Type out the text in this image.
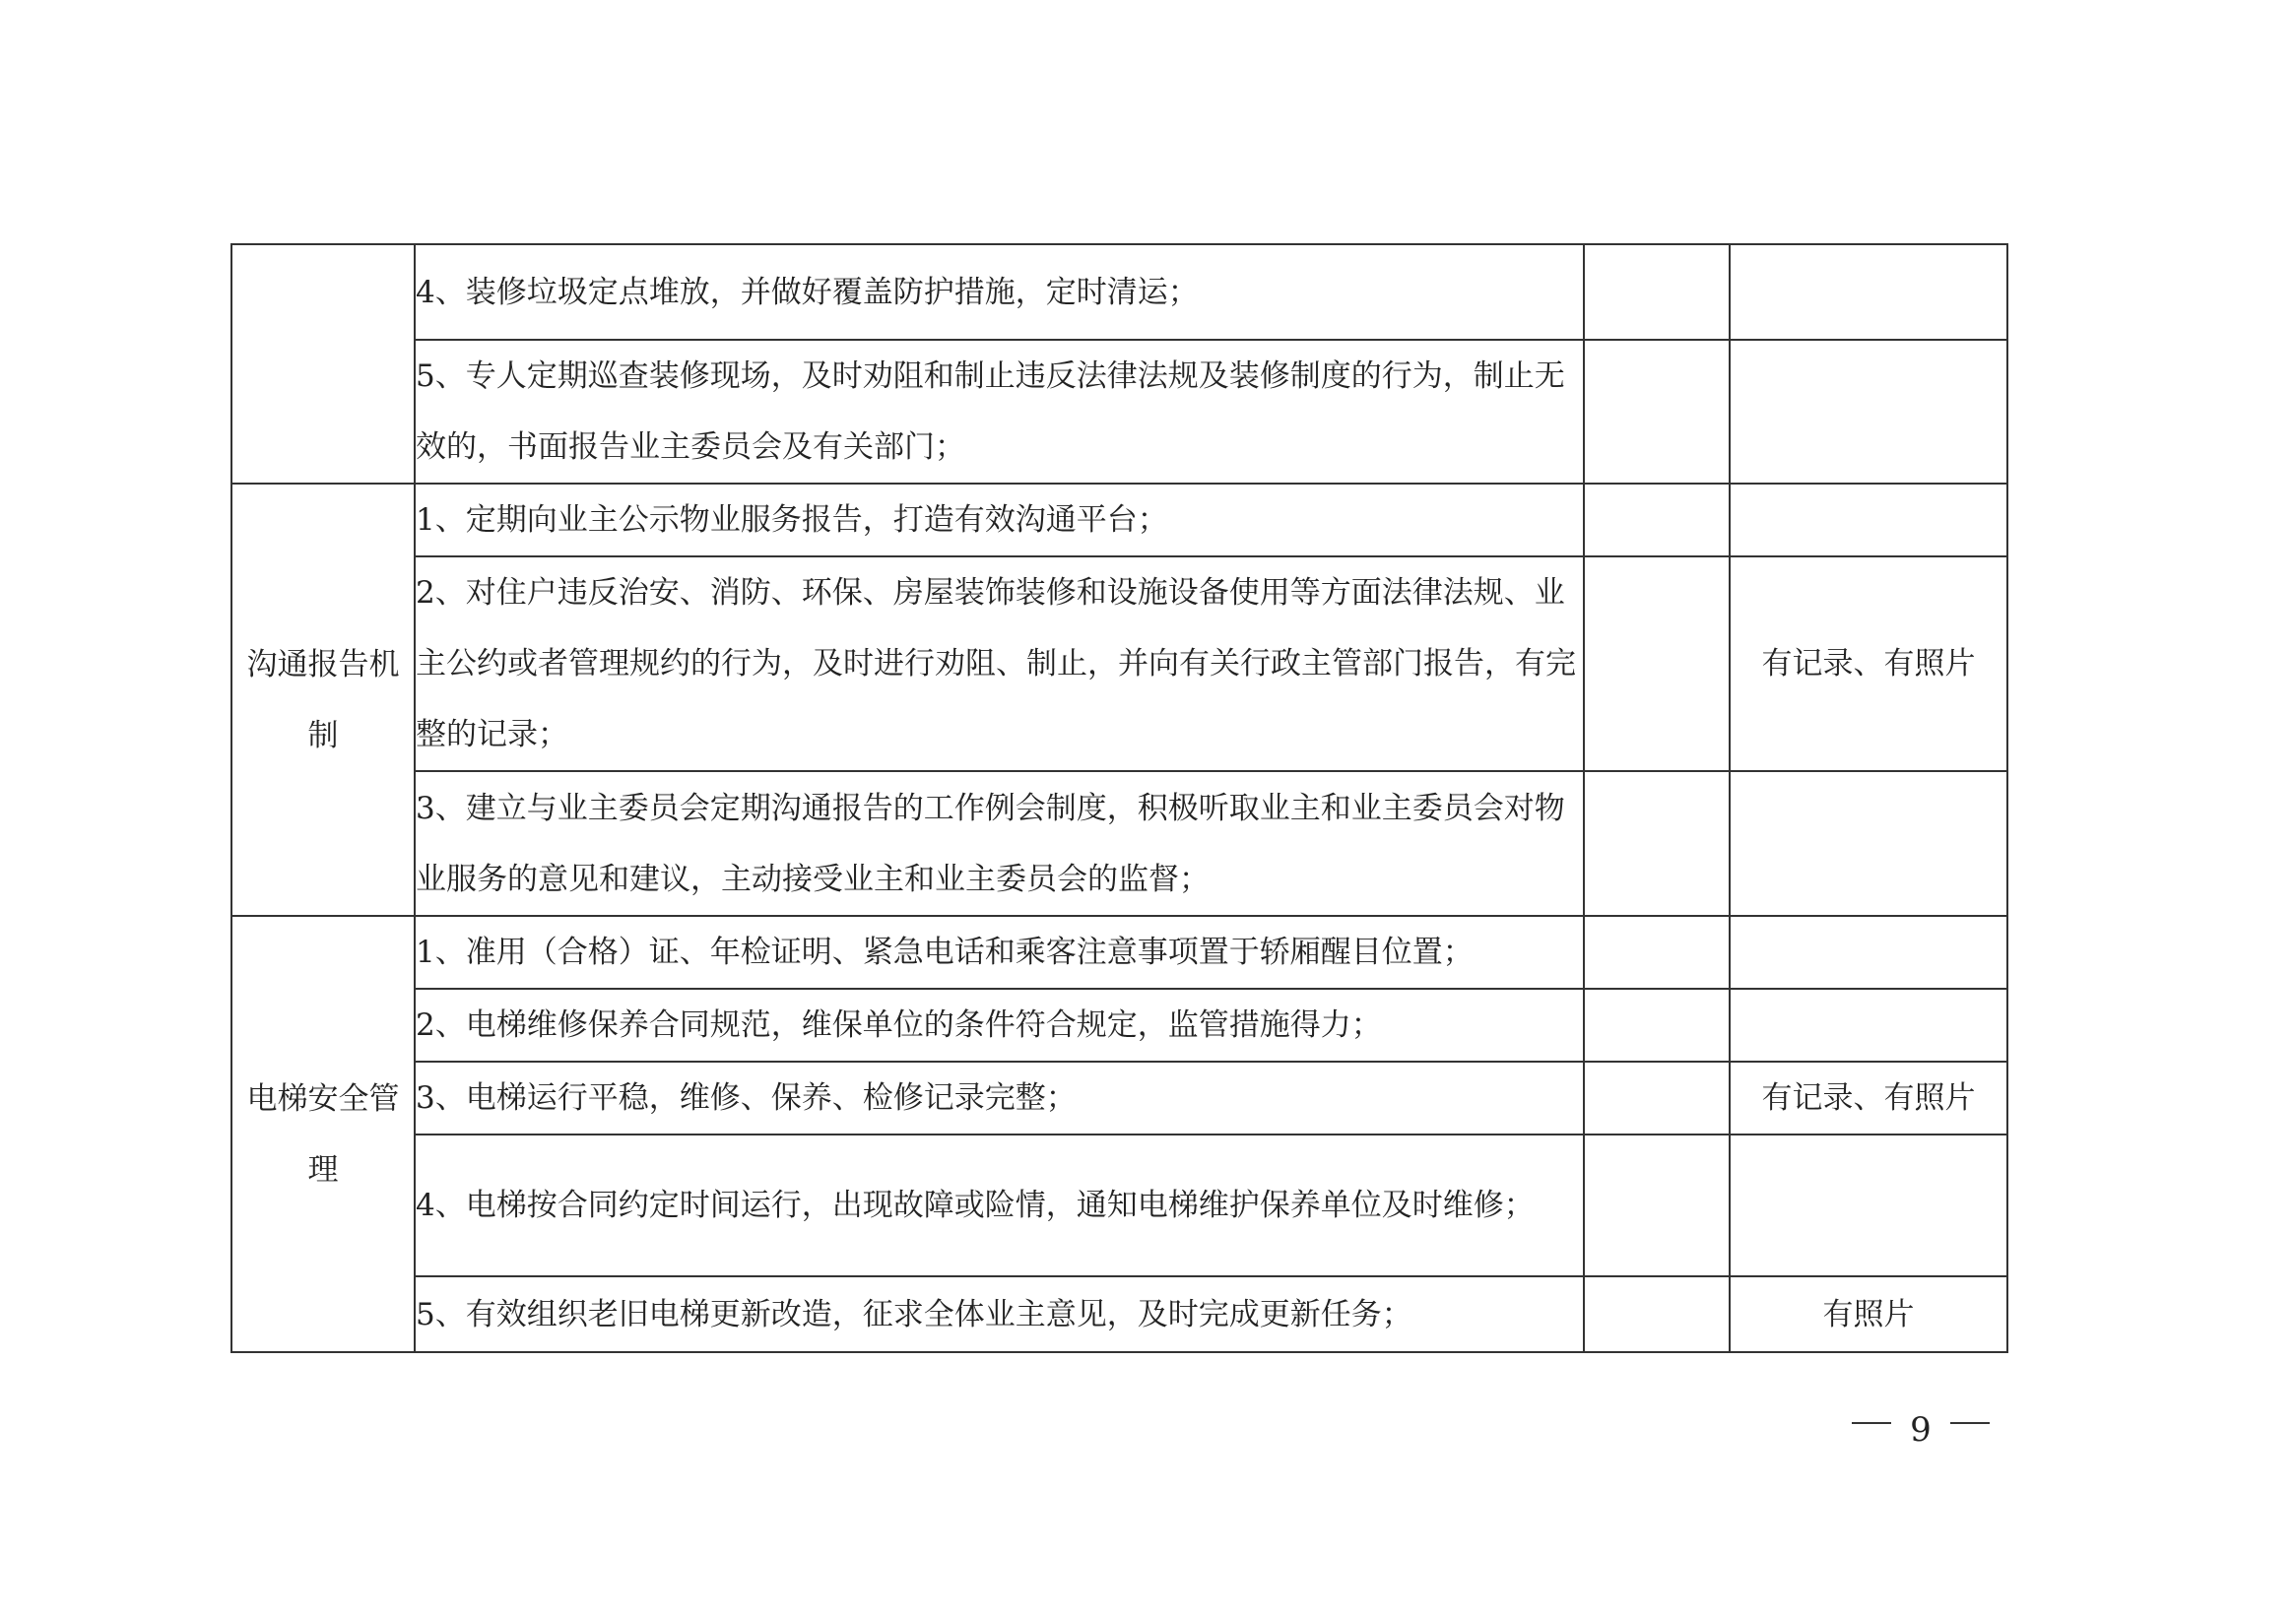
	4、装修垃圾定点堆放，并做好覆盖防护措施，定时清运；		
	5、专人定期巡查装修现场，及时劝阻和制止违反法律法规及装修制度的行为，制止无效的，书面报告业主委员会及有关部门；		
沟通报告机制	1、定期向业主公示物业服务报告，打造有效沟通平台；		
	2、对住户违反治安、消防、环保、房屋装饰装修和设施设备使用等方面法律法规、业主公约或者管理规约的行为，及时进行劝阻、制止，并向有关行政主管部门报告，有完整的记录；		有记录、有照片
	3、建立与业主委员会定期沟通报告的工作例会制度，积极听取业主和业主委员会对物业服务的意见和建议，主动接受业主和业主委员会的监督；		
电梯安全管理	1、准用（合格）证、年检证明、紧急电话和乘客注意事项置于轿厢醒目位置；		
	2、电梯维修保养合同规范，维保单位的条件符合规定，监管措施得力；		
	3、电梯运行平稳，维修、保养、检修记录完整；		有记录、有照片
	4、电梯按合同约定时间运行，出现故障或险情，通知电梯维护保养单位及时维修；		
	5、有效组织老旧电梯更新改造，征求全体业主意见，及时完成更新任务；		有照片
9
